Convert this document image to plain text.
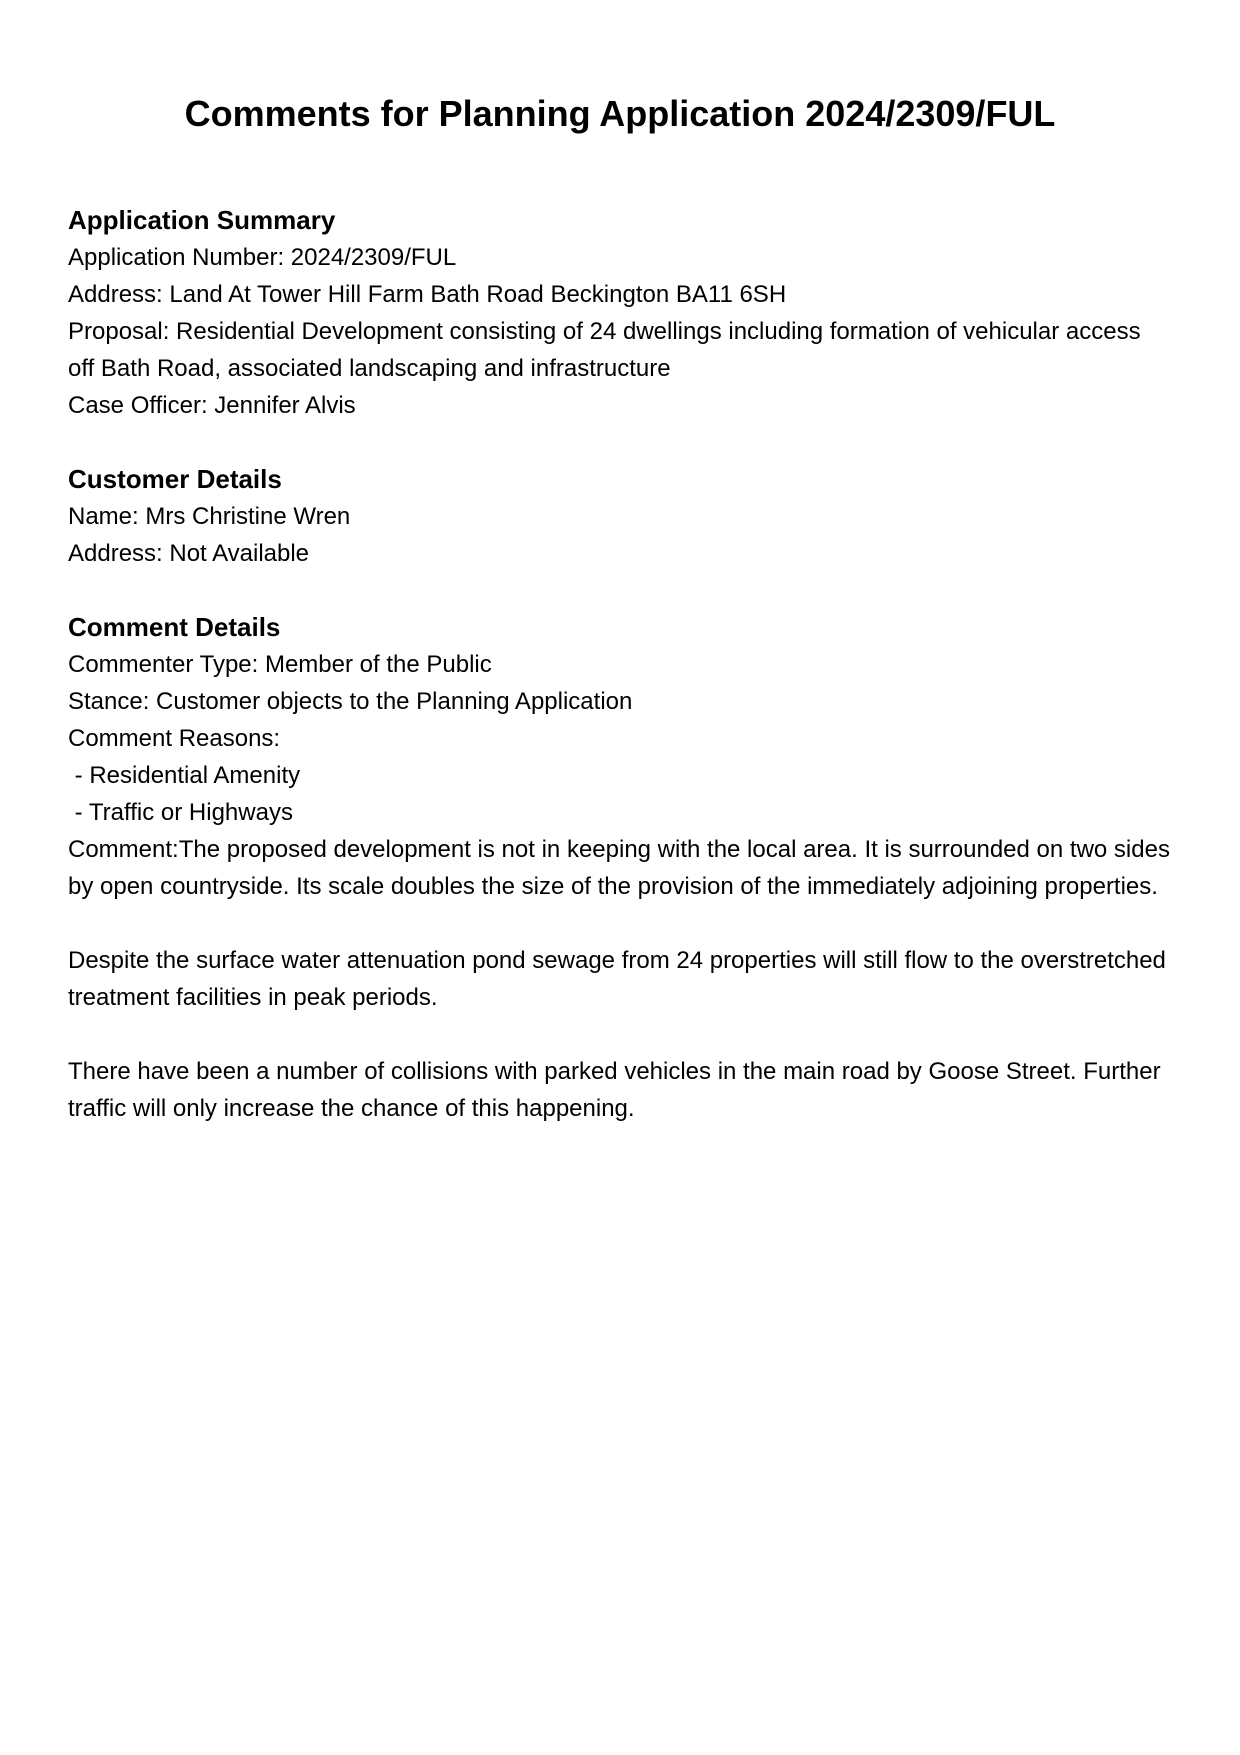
Comments for Planning Application 2024/2309/FUL
Application Summary

Application Number: 2024/2309/FUL

Address: Land At Tower Hill Farm Bath Road Beckington BA11 6SH

Proposal: Residential Development consisting of 24 dwellings including formation of vehicular access off Bath Road, associated landscaping and infrastructure

Case Officer: Jennifer Alvis

Customer Details

Name: Mrs Christine Wren

Address: Not Available

Comment Details

Commenter Type: Member of the Public

Stance: Customer objects to the Planning Application

Comment Reasons:

- Residential Amenity

- Traffic or Highways

Comment:The proposed development is not in keeping with the local area. It is surrounded on two sides by open countryside. Its scale doubles the size of the provision of the immediately adjoining properties.

Despite the surface water attenuation pond sewage from 24 properties will still flow to the overstretched treatment facilities in peak periods.

There have been a number of collisions with parked vehicles in the main road by Goose Street. Further traffic will only increase the chance of this happening.
